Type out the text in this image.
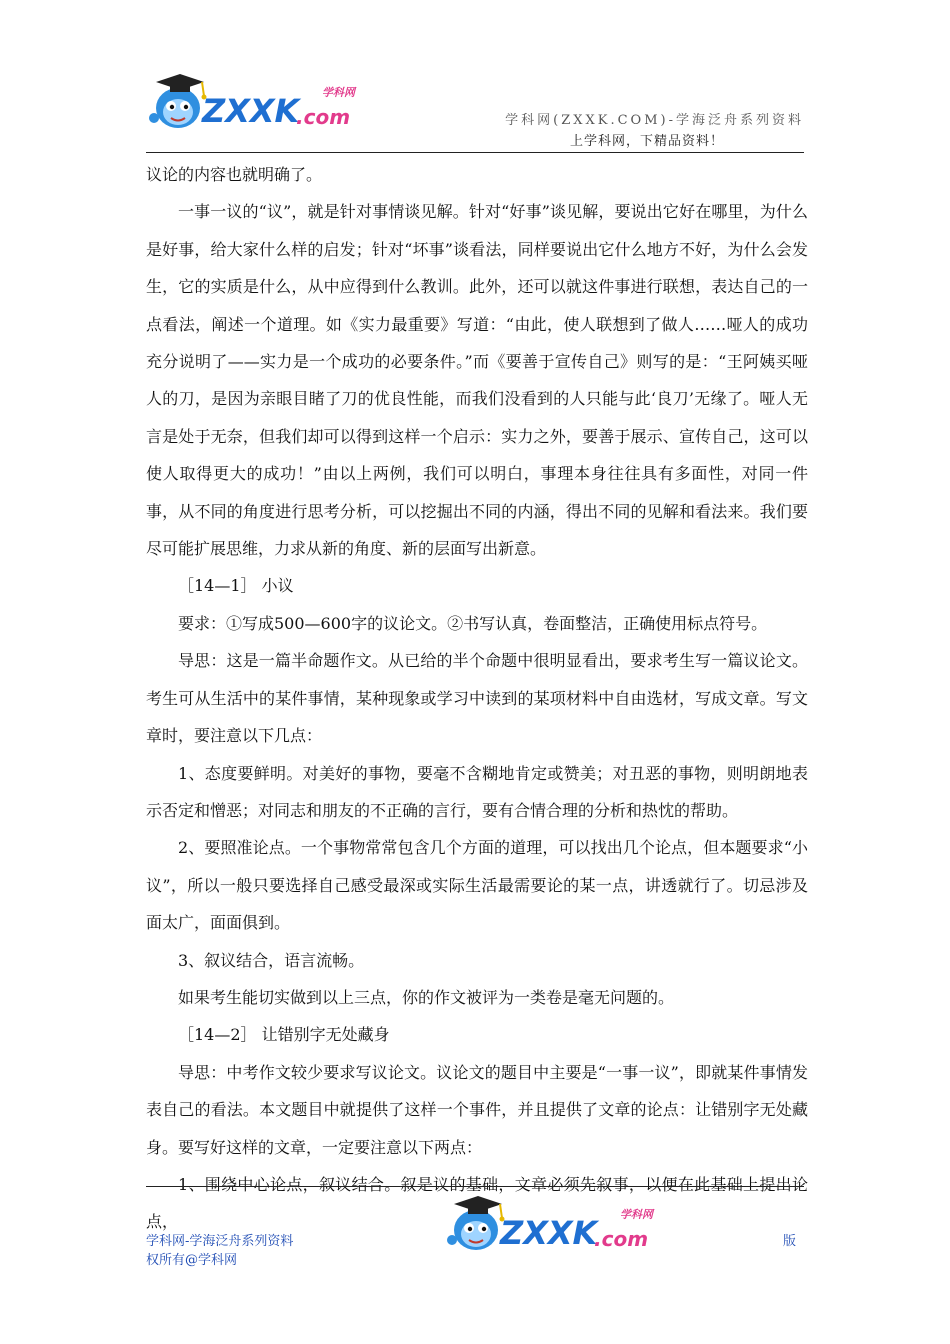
ZXXK
.com
学科网
学科网(ZXXK.COM)-学海泛舟系列资料
上学科网，下精品资料！

议论的内容也就明确了。

一事一议的“议”，就是针对事情谈见解。针对“好事”谈见解，要说出它好在哪里，为什么是好事，给大家什么样的启发；针对“坏事”谈看法，同样要说出它什么地方不好，为什么会发生，它的实质是什么，从中应得到什么教训。此外，还可以就这件事进行联想，表达自己的一点看法，阐述一个道理。如《实力最重要》写道：“由此，使人联想到了做人……哑人的成功充分说明了——实力是一个成功的必要条件。”而《要善于宣传自己》则写的是：“王阿姨买哑人的刀，是因为亲眼目睹了刀的优良性能，而我们没看到的人只能与此‘良刀’无缘了。哑人无言是处于无奈，但我们却可以得到这样一个启示：实力之外，要善于展示、宣传自己，这可以使人取得更大的成功！”由以上两例，我们可以明白，事理本身往往具有多面性，对同一件事，从不同的角度进行思考分析，可以挖掘出不同的内涵，得出不同的见解和看法来。我们要尽可能扩展思维，力求从新的角度、新的层面写出新意。

［14—1］ 小议

要求：①写成500—600字的议论文。②书写认真，卷面整洁，正确使用标点符号。

导思：这是一篇半命题作文。从已给的半个命题中很明显看出，要求考生写一篇议论文。考生可从生活中的某件事情，某种现象或学习中读到的某项材料中自由选材，写成文章。写文章时，要注意以下几点：

1、态度要鲜明。对美好的事物，要毫不含糊地肯定或赞美；对丑恶的事物，则明朗地表示否定和憎恶；对同志和朋友的不正确的言行，要有合情合理的分析和热忱的帮助。

2、要照准论点。一个事物常常包含几个方面的道理，可以找出几个论点，但本题要求“小议”，所以一般只要选择自己感受最深或实际生活最需要论的某一点，讲透就行了。切忌涉及面太广，面面俱到。

3、叙议结合，语言流畅。

如果考生能切实做到以上三点，你的作文被评为一类卷是毫无问题的。

［14—2］ 让错别字无处藏身

导思：中考作文较少要求写议论文。议论文的题目中主要是“一事一议”，即就某件事情发表自己的看法。本文题目中就提供了这样一个事件，并且提供了文章的论点：让错别字无处藏身。要写好这样的文章，一定要注意以下两点：

1、围绕中心论点，叙议结合。叙是议的基础，文章必须先叙事，以便在此基础上提出论点，

学科网-学海泛舟系列资料
权所有@学科网
ZXXK
.com
学科网
版
